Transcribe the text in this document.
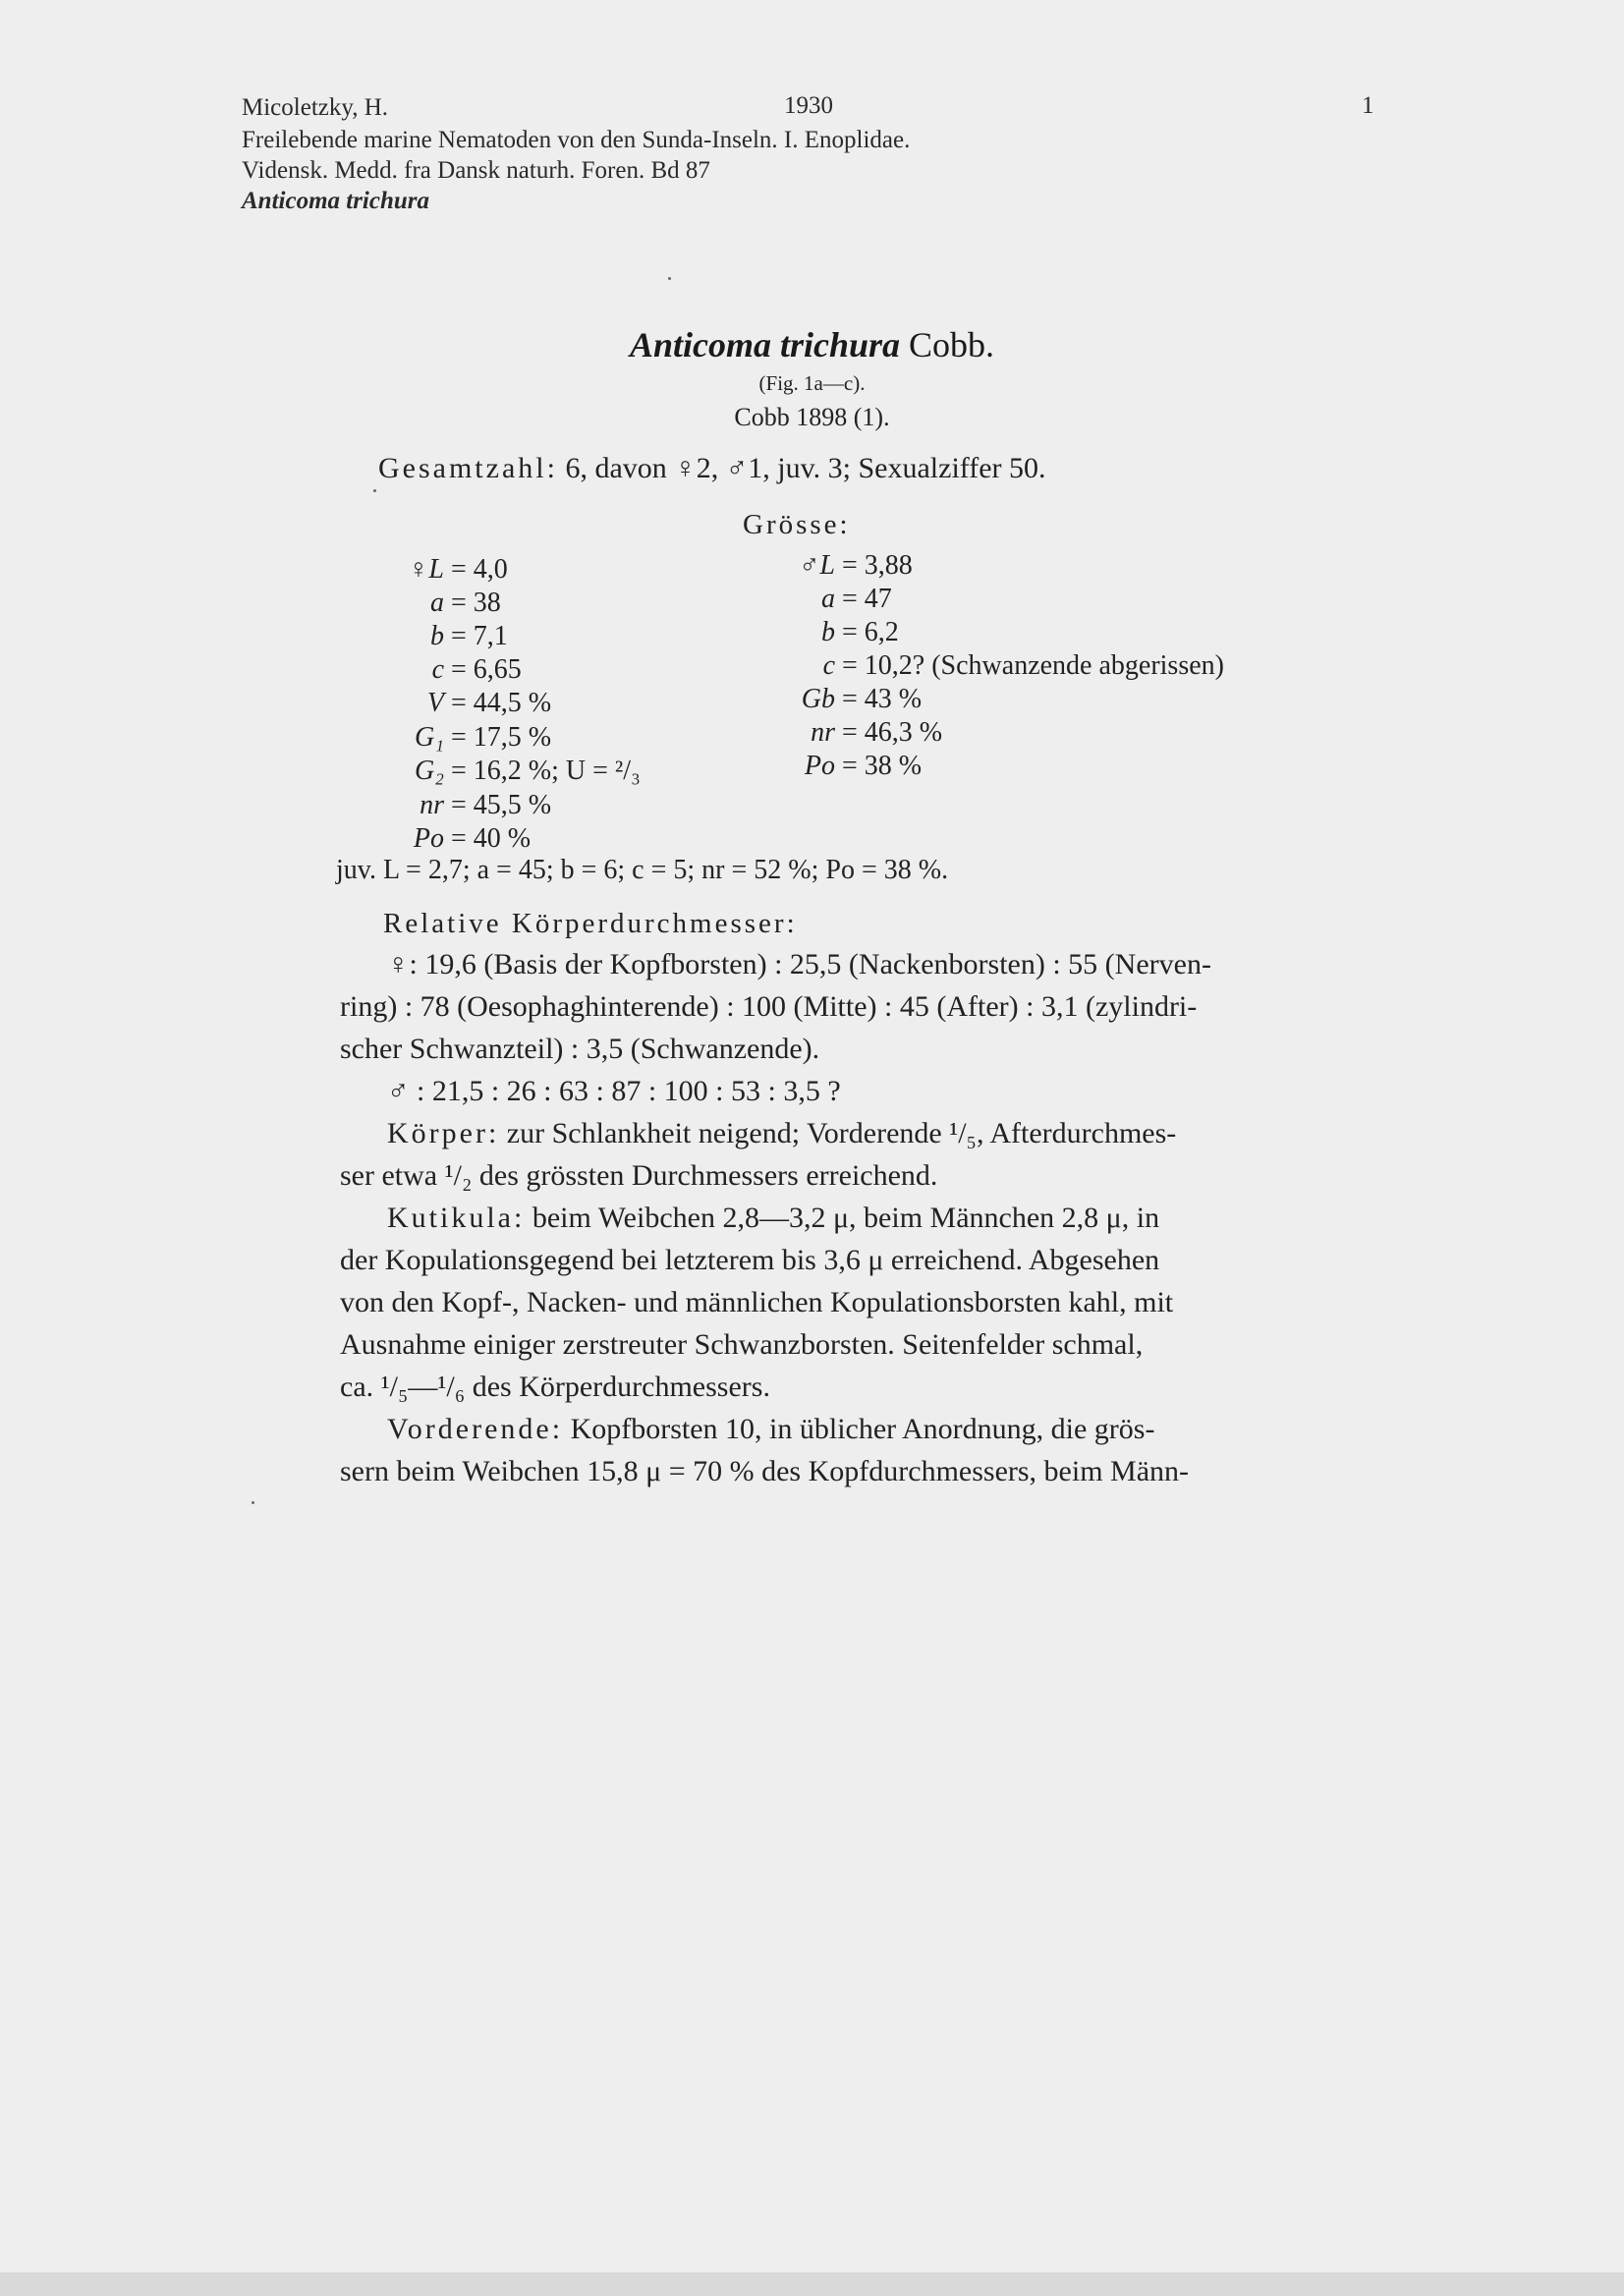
Micoletzky, H.	1930	1
Freilebende marine Nematoden von den Sunda-Inseln. I. Enoplidae.
Vidensk. Medd. fra Dansk naturh. Foren. Bd 87
Anticoma trichura
Anticoma trichura Cobb.
(Fig. 1a—c).
Cobb 1898 (1).
Gesamtzahl: 6, davon ♀2, ♂1, juv. 3; Sexualziffer 50.
Grösse:
♀L = 4,0
a = 38
b = 7,1
c = 6,65
V = 44,5 %
G₁ = 17,5 %
G₂ = 16,2 %; U = ²/₃
nr = 45,5 %
Po = 40 %
♂L = 3,88
a = 47
b = 6,2
c = 10,2? (Schwanzende abgerissen)
Gb = 43 %
nr = 46,3 %
Po = 38 %
juv. L = 2,7; a = 45; b = 6; c = 5; nr = 52 %; Po = 38 %.
Relative Körperdurchmesser:

♀: 19,6 (Basis der Kopfborsten) : 25,5 (Nackenborsten) : 55 (Nerven-

ring) : 78 (Oesophaghinterende) : 100 (Mitte) : 45 (After) : 3,1 (zylindri-

scher Schwanzteil) : 3,5 (Schwanzende).

♂ : 21,5 : 26 : 63 : 87 : 100 : 53 : 3,5 ?

Körper: zur Schlankheit neigend; Vorderende ¹/₅, Afterdurchmes-

ser etwa ¹/₂ des grössten Durchmessers erreichend.

Kutikula: beim Weibchen 2,8—3,2 μ, beim Männchen 2,8 μ, in

der Kopulationsgegend bei letzterem bis 3,6 μ erreichend. Abgesehen

von den Kopf-, Nacken- und männlichen Kopulationsborsten kahl, mit

Ausnahme einiger zerstreuter Schwanzborsten. Seitenfelder schmal,

ca. ¹/₅—¹/₆ des Körperdurchmessers.

Vorderende: Kopfborsten 10, in üblicher Anordnung, die grös-

sern beim Weibchen 15,8 μ = 70 % des Kopfdurchmessers, beim Männ-
